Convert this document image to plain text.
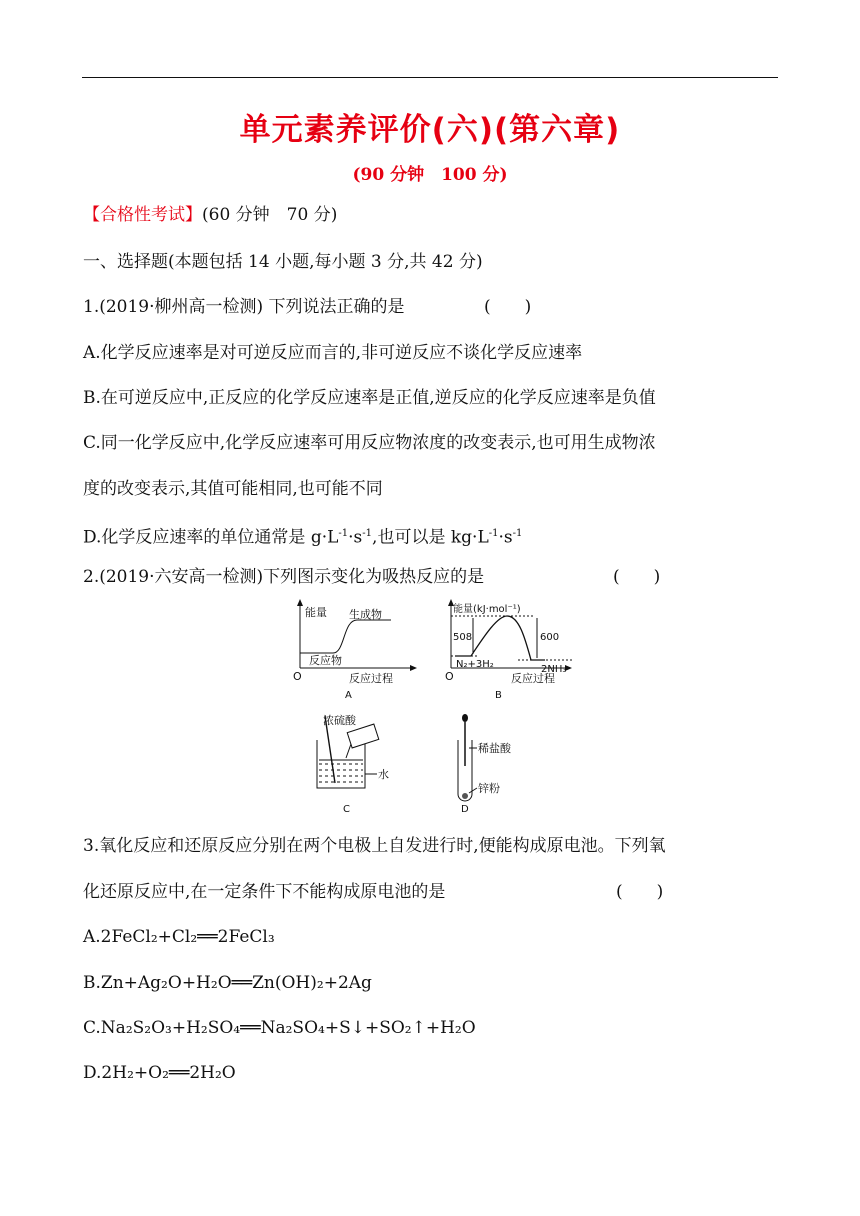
单元素养评价(六)(第六章)
(90 分钟　100 分)
【合格性考试】(60 分钟　70 分)
一、选择题(本题包括 14 小题,每小题 3 分,共 42 分)
1.(2019·柳州高一检测) 下列说法正确的是	(　　)
A.化学反应速率是对可逆反应而言的,非可逆反应不谈化学反应速率
B.在可逆反应中,正反应的化学反应速率是正值,逆反应的化学反应速率是负值
C.同一化学反应中,化学反应速率可用反应物浓度的改变表示,也可用生成物浓
度的改变表示,其值可能相同,也可能不同
D.化学反应速率的单位通常是 $g\cdot L^{-1}\cdot s^{-1}$,也可以是 $kg\cdot L^{-1}\cdot s^{-1}$
2.(2019·六安高一检测)下列图示变化为吸热反应的是	(　　)
能量 生成物
反应物
O	反应过程
A
能量(kJ·mol⁻¹)
508	600
N₂+3H₂	2NH₃
O	反应过程
B
浓硫酸
水
C
稀盐酸
锌粉
D
3.氧化反应和还原反应分别在两个电极上自发进行时,便能构成原电池。下列氧
化还原反应中,在一定条件下不能构成原电池的是	(　　)
A.2FeCl₂+Cl₂══2FeCl₃
B.Zn+Ag₂O+H₂O══Zn(OH)₂+2Ag
C.Na₂S₂O₃+H₂SO₄══Na₂SO₄+S↓+SO₂↑+H₂O
D.2H₂+O₂══2H₂O
